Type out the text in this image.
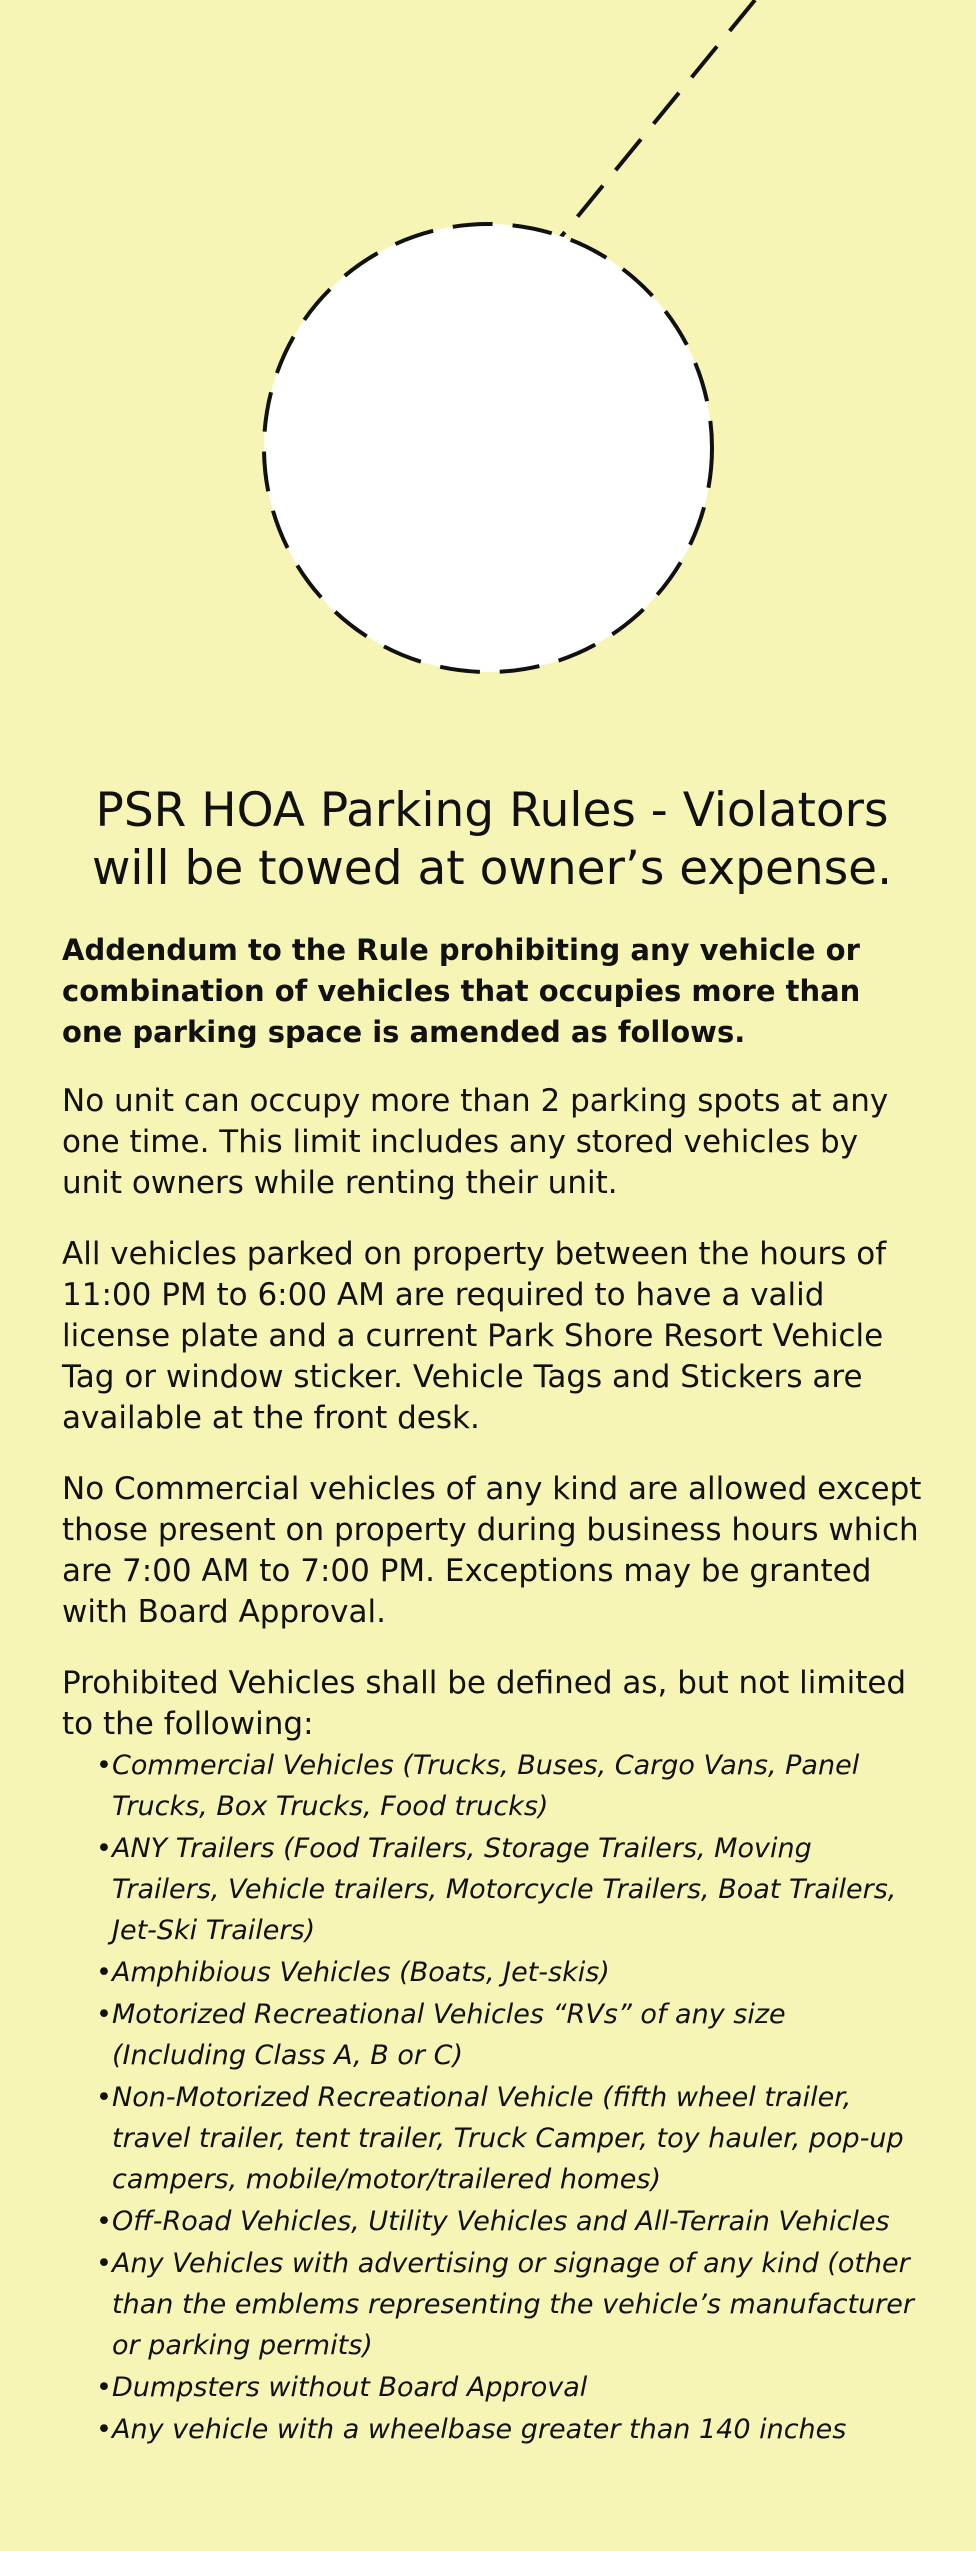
PSR HOA Parking Rules - Violators
will be towed at owner’s expense.

Addendum to the Rule prohibiting any vehicle or combination of vehicles that occupies more than one parking space is amended as follows.

No unit can occupy more than 2 parking spots at any one time. This limit includes any stored vehicles by unit owners while renting their unit.

All vehicles parked on property between the hours of 11:00 PM to 6:00 AM are required to have a valid license plate and a current Park Shore Resort Vehicle Tag or window sticker. Vehicle Tags and Stickers are available at the front desk.

No Commercial vehicles of any kind are allowed except those present on property during business hours which are 7:00 AM to 7:00 PM. Exceptions may be granted with Board Approval.

Prohibited Vehicles shall be defined as, but not limited to the following:

• Commercial Vehicles (Trucks, Buses, Cargo Vans, Panel Trucks, Box Trucks, Food trucks)
• ANY Trailers (Food Trailers, Storage Trailers, Moving Trailers, Vehicle trailers, Motorcycle Trailers, Boat Trailers, Jet-Ski Trailers)
• Amphibious Vehicles (Boats, Jet-skis)
• Motorized Recreational Vehicles “RVs” of any size (Including Class A, B or C)
• Non-Motorized Recreational Vehicle (fifth wheel trailer, travel trailer, tent trailer, Truck Camper, toy hauler, pop-up campers, mobile/motor/trailered homes)
• Off-Road Vehicles, Utility Vehicles and All-Terrain Vehicles
• Any Vehicles with advertising or signage of any kind (other than the emblems representing the vehicle’s manufacturer or parking permits)
• Dumpsters without Board Approval
• Any vehicle with a wheelbase greater than 140 inches
